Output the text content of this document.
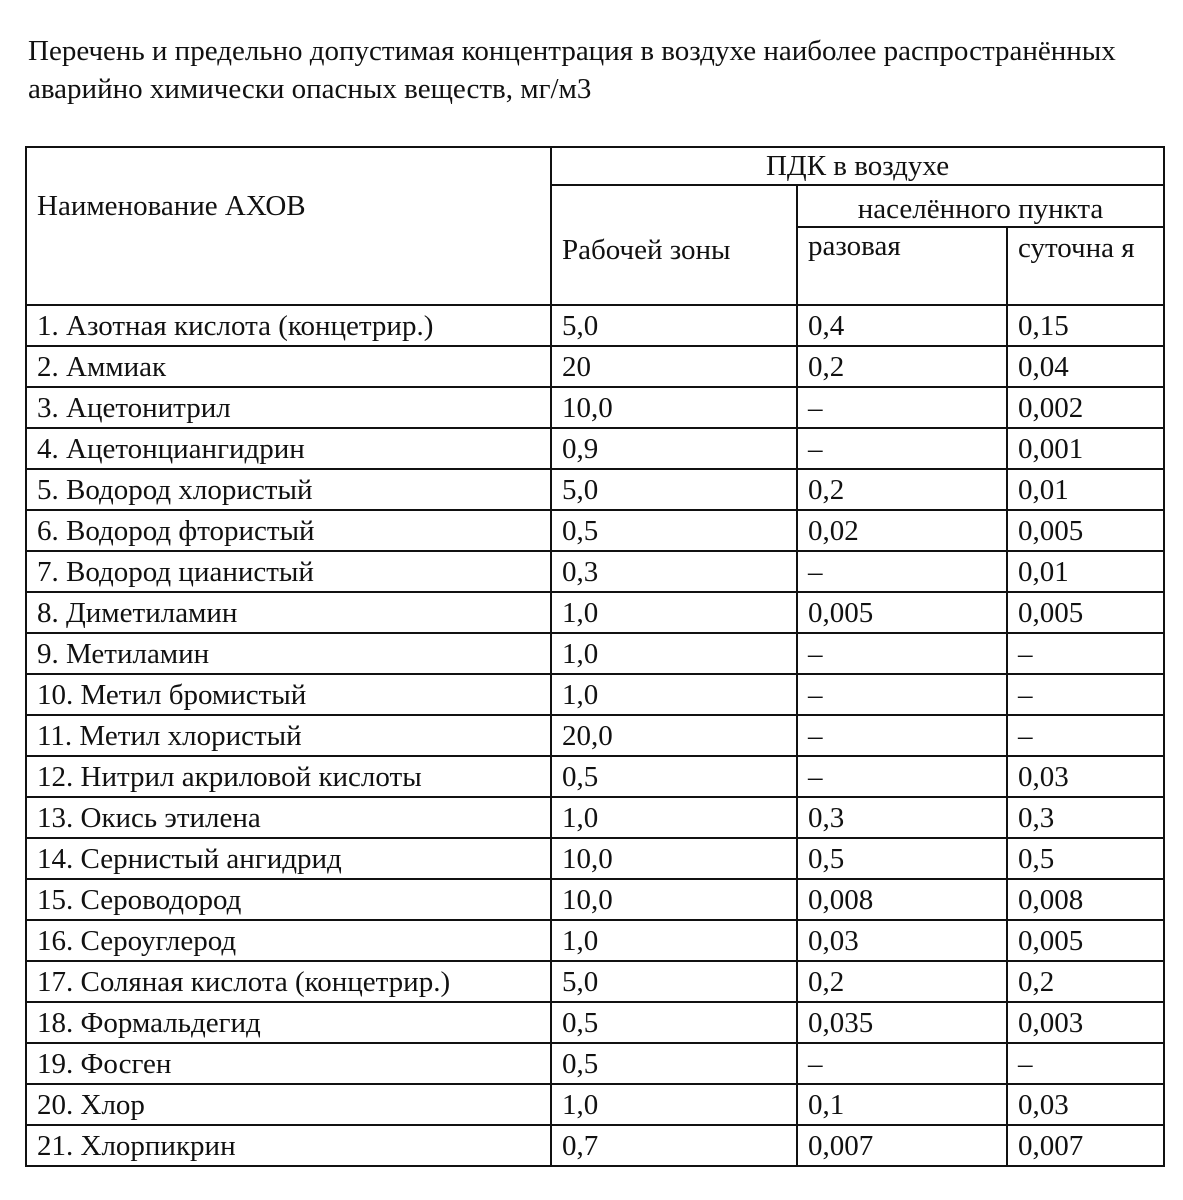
Перечень и предельно допустимая концентрация в воздухе наиболее распространённых аварийно химически опасных веществ, мг/м3

Наименование АХОВ	ПДК в воздухе		
	Рабочей зоны	населённого пункта	
		разовая	суточна я
1. Азотная кислота (концетрир.)	5,0	0,4	0,15
2. Аммиак	20	0,2	0,04
3. Ацетонитрил	10,0	–	0,002
4. Ацетонциангидрин	0,9	–	0,001
5. Водород хлористый	5,0	0,2	0,01
6. Водород фтористый	0,5	0,02	0,005
7. Водород цианистый	0,3	–	0,01
8. Диметиламин	1,0	0,005	0,005
9. Метиламин	1,0	–	–
10. Метил бромистый	1,0	–	–
11. Метил хлористый	20,0	–	–
12. Нитрил акриловой кислоты	0,5	–	0,03
13. Окись этилена	1,0	0,3	0,3
14. Сернистый ангидрид	10,0	0,5	0,5
15. Сероводород	10,0	0,008	0,008
16. Сероуглерод	1,0	0,03	0,005
17. Соляная кислота (концетрир.)	5,0	0,2	0,2
18. Формальдегид	0,5	0,035	0,003
19. Фосген	0,5	–	–
20. Хлор	1,0	0,1	0,03
21. Хлорпикрин	0,7	0,007	0,007
